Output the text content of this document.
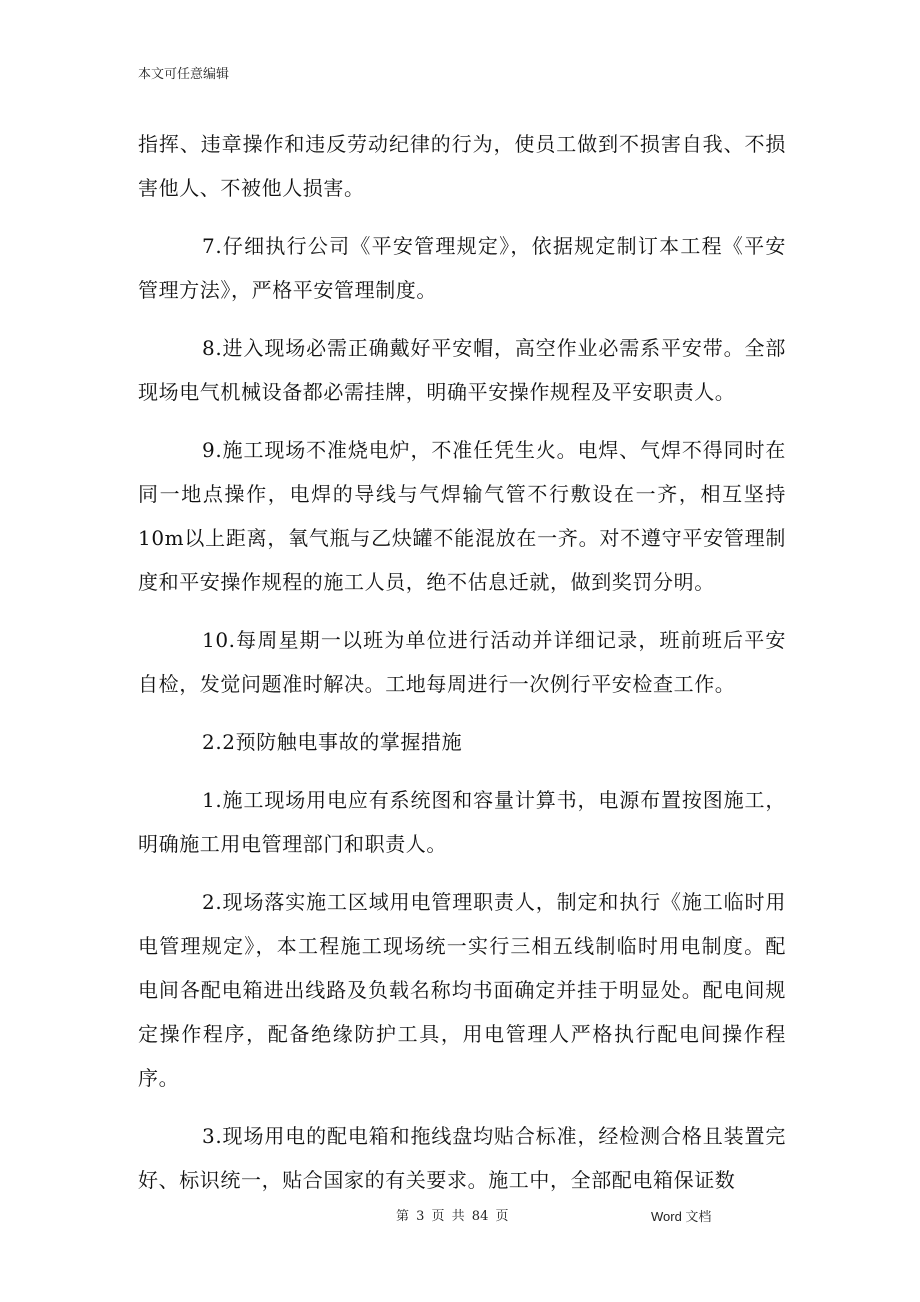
本文可任意编辑

指挥、违章操作和违反劳动纪律的行为，使员工做到不损害自我、不损害他人、不被他人损害。

7.仔细执行公司《平安管理规定》，依据规定制订本工程《平安管理方法》，严格平安管理制度。

8.进入现场必需正确戴好平安帽，高空作业必需系平安带。全部现场电气机械设备都必需挂牌，明确平安操作规程及平安职责人。

9.施工现场不准烧电炉，不准任凭生火。电焊、气焊不得同时在同一地点操作，电焊的导线与气焊输气管不行敷设在一齐，相互坚持10m以上距离，氧气瓶与乙炔罐不能混放在一齐。对不遵守平安管理制度和平安操作规程的施工人员，绝不估息迁就，做到奖罚分明。

10.每周星期一以班为单位进行活动并详细记录，班前班后平安自检，发觉问题准时解决。工地每周进行一次例行平安检查工作。

2.2预防触电事故的掌握措施

1.施工现场用电应有系统图和容量计算书，电源布置按图施工，明确施工用电管理部门和职责人。

2.现场落实施工区域用电管理职责人，制定和执行《施工临时用电管理规定》，本工程施工现场统一实行三相五线制临时用电制度。配电间各配电箱进出线路及负载名称均书面确定并挂于明显处。配电间规定操作程序，配备绝缘防护工具，用电管理人严格执行配电间操作程序。

3.现场用电的配电箱和拖线盘均贴合标准，经检测合格且装置完好、标识统一，贴合国家的有关要求。施工中，全部配电箱保证数

第 3 页 共 84 页	Word 文档
